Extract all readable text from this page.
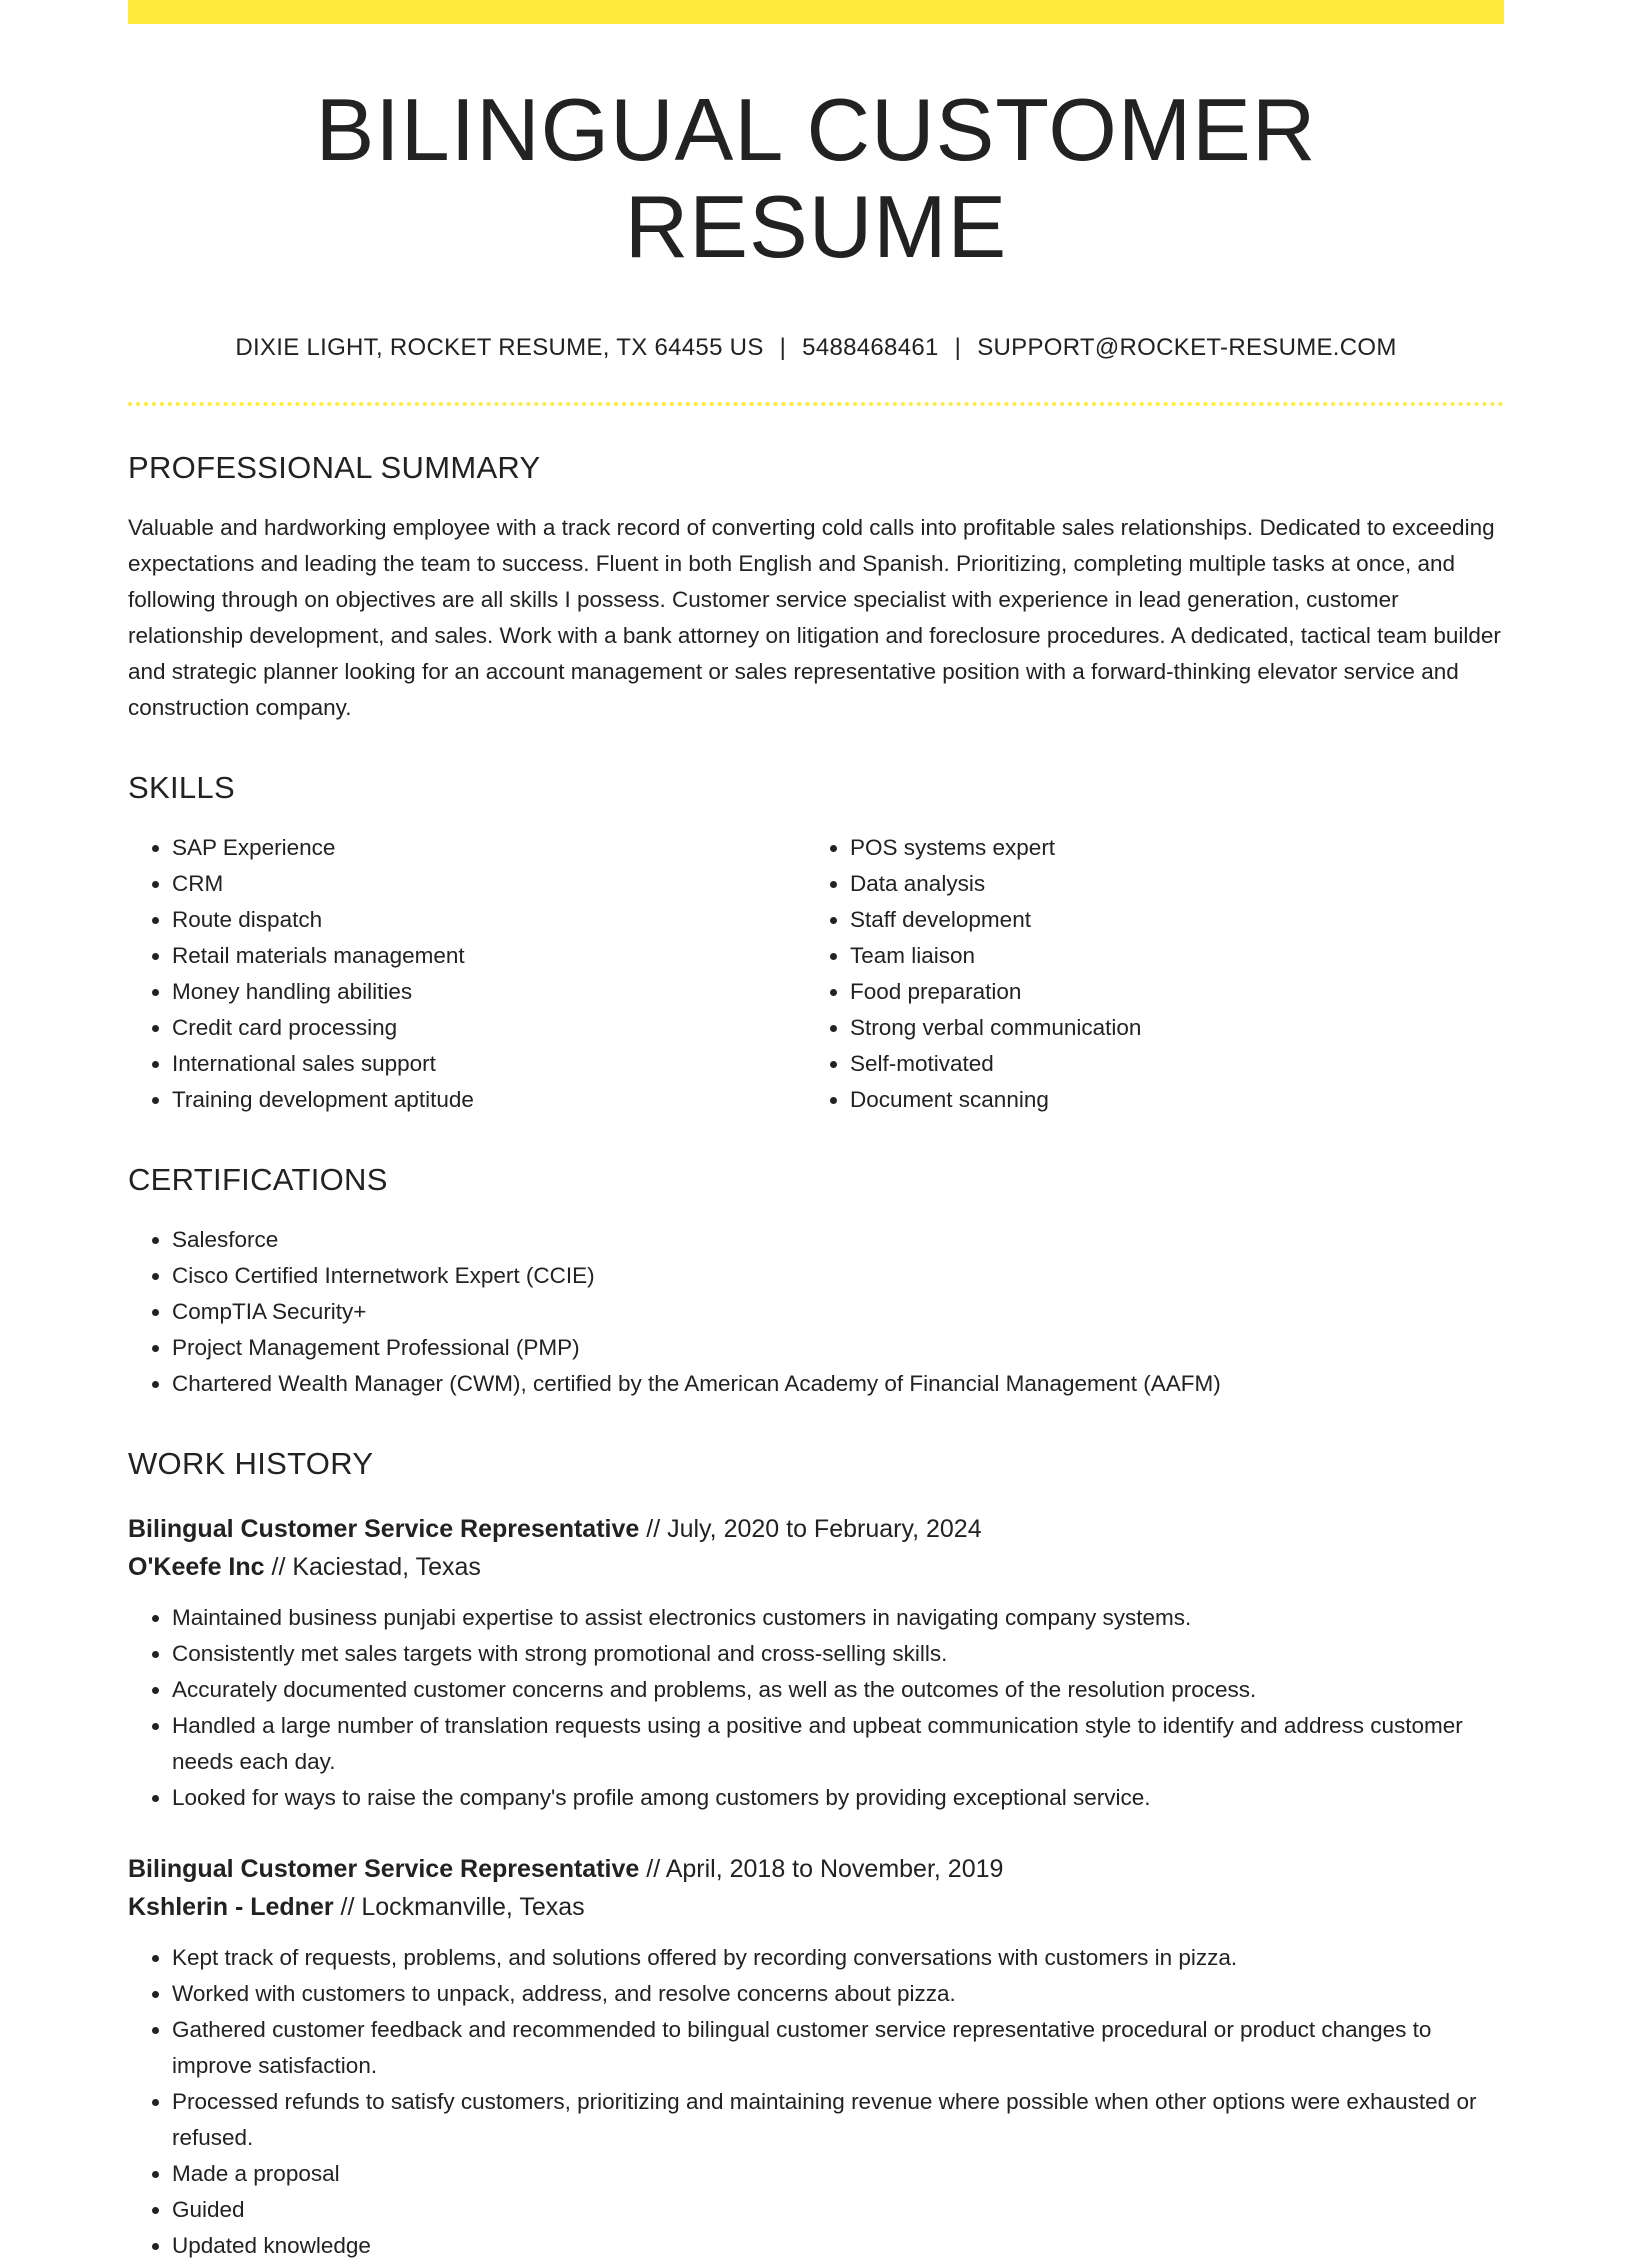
BILINGUAL CUSTOMER RESUME
DIXIE LIGHT, ROCKET RESUME, TX 64455 US | 5488468461 | SUPPORT@ROCKET-RESUME.COM
PROFESSIONAL SUMMARY

Valuable and hardworking employee with a track record of converting cold calls into profitable sales relationships. Dedicated to exceeding expectations and leading the team to success. Fluent in both English and Spanish. Prioritizing, completing multiple tasks at once, and following through on objectives are all skills I possess. Customer service specialist with experience in lead generation, customer relationship development, and sales. Work with a bank attorney on litigation and foreclosure procedures. A dedicated, tactical team builder and strategic planner looking for an account management or sales representative position with a forward-thinking elevator service and construction company.

SKILLS
• SAP Experience
• CRM
• Route dispatch
• Retail materials management
• Money handling abilities
• Credit card processing
• International sales support
• Training development aptitude
• POS systems expert
• Data analysis
• Staff development
• Team liaison
• Food preparation
• Strong verbal communication
• Self-motivated
• Document scanning
CERTIFICATIONS
• Salesforce
• Cisco Certified Internetwork Expert (CCIE)
• CompTIA Security+
• Project Management Professional (PMP)
• Chartered Wealth Manager (CWM), certified by the American Academy of Financial Management (AAFM)
WORK HISTORY
Bilingual Customer Service Representative // July, 2020 to February, 2024
O'Keefe Inc // Kaciestad, Texas
• Maintained business punjabi expertise to assist electronics customers in navigating company systems.
• Consistently met sales targets with strong promotional and cross-selling skills.
• Accurately documented customer concerns and problems, as well as the outcomes of the resolution process.
• Handled a large number of translation requests using a positive and upbeat communication style to identify and address customer needs each day.
• Looked for ways to raise the company's profile among customers by providing exceptional service.
Bilingual Customer Service Representative // April, 2018 to November, 2019
Kshlerin - Ledner // Lockmanville, Texas
• Kept track of requests, problems, and solutions offered by recording conversations with customers in pizza.
• Worked with customers to unpack, address, and resolve concerns about pizza.
• Gathered customer feedback and recommended to bilingual customer service representative procedural or product changes to improve satisfaction.
• Processed refunds to satisfy customers, prioritizing and maintaining revenue where possible when other options were exhausted or refused.
• Made a proposal
• Guided
• Updated knowledge
